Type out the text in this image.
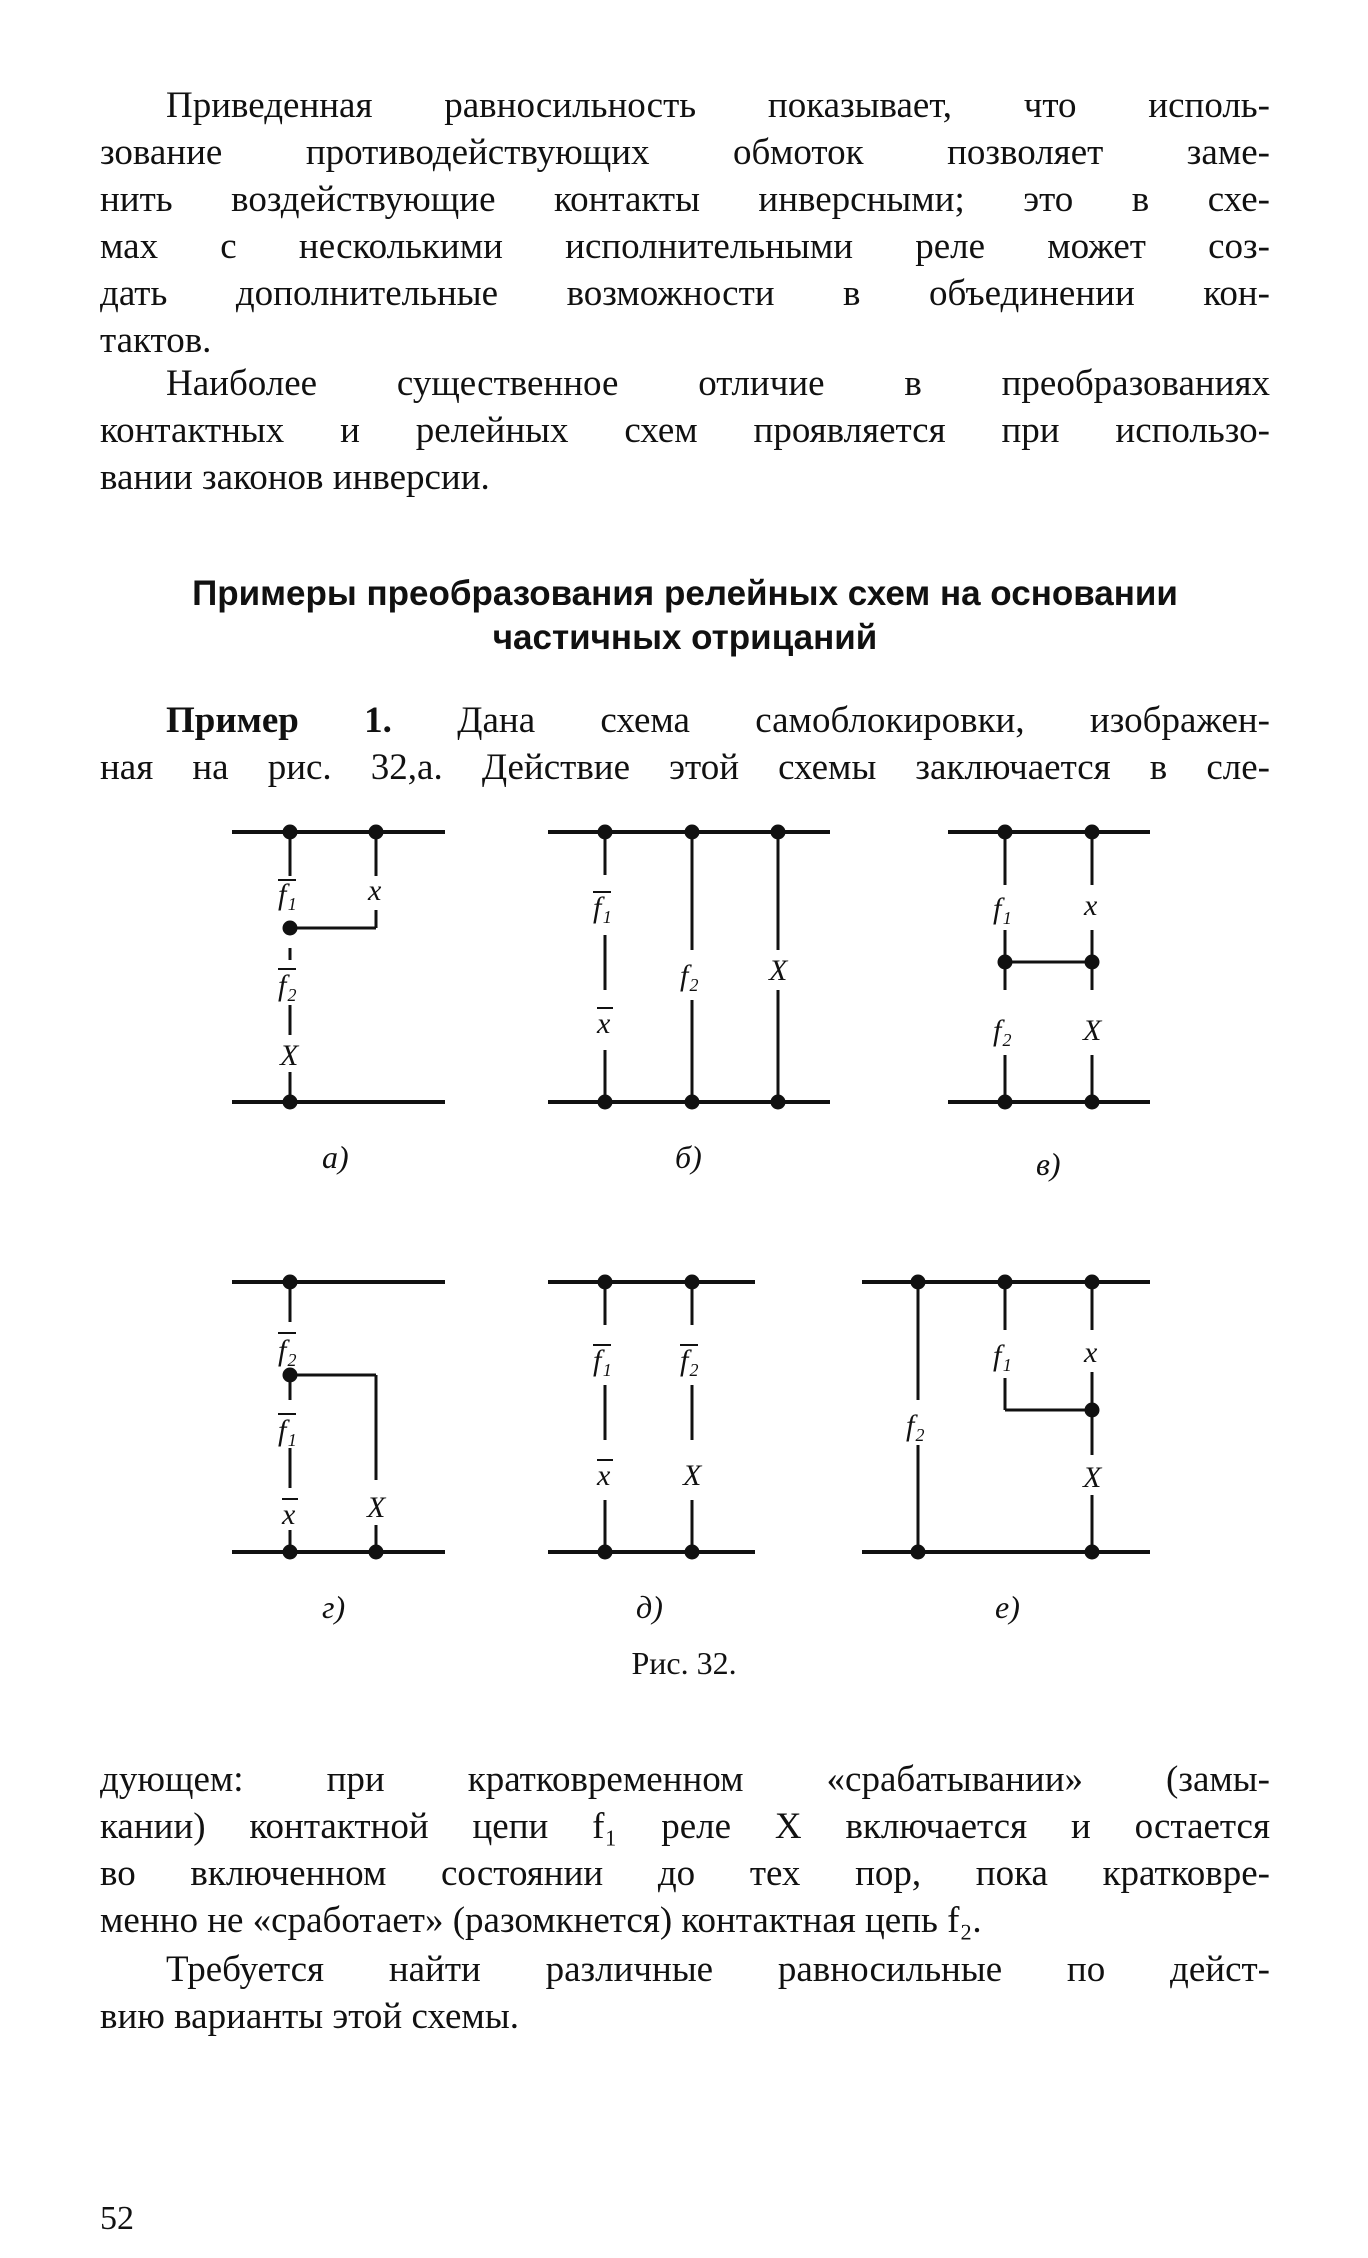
Приведенная равносильность показывает, что исполь-
зование противодействующих обмоток позволяет заме-
нить воздействующие контакты инверсными; это в схе-
мах с несколькими исполнительными реле может соз-
дать дополнительные возможности в объединении кон-
тактов.
Наиболее существенное отличие в преобразованиях
контактных и релейных схем проявляется при использо-
вании законов инверсии.
Примеры преобразования релейных схем на основании
частичных отрицаний
Пример 1. Дана схема самоблокировки, изображен-
ная на рис. 32,а. Действие этой схемы заключается в сле-
f₁
f₂
x
X
а)
f₁
x
f₂ X
б)
f₁ x
f₂ X
в)
f₂
f₁
x X
г)
f₁ f₂
x X
д)
f₁ x
f₂
X
е)
Рис. 32.
дующем: при кратковременном «срабатывании» (замы-
кании) контактной цепи f₁ реле X включается и остается
во включенном состоянии до тех пор, пока кратковре-
менно не «сработает» (разомкнется) контактная цепь f₂.
Требуется найти различные равносильные по дейст-
вию варианты этой схемы.
52
